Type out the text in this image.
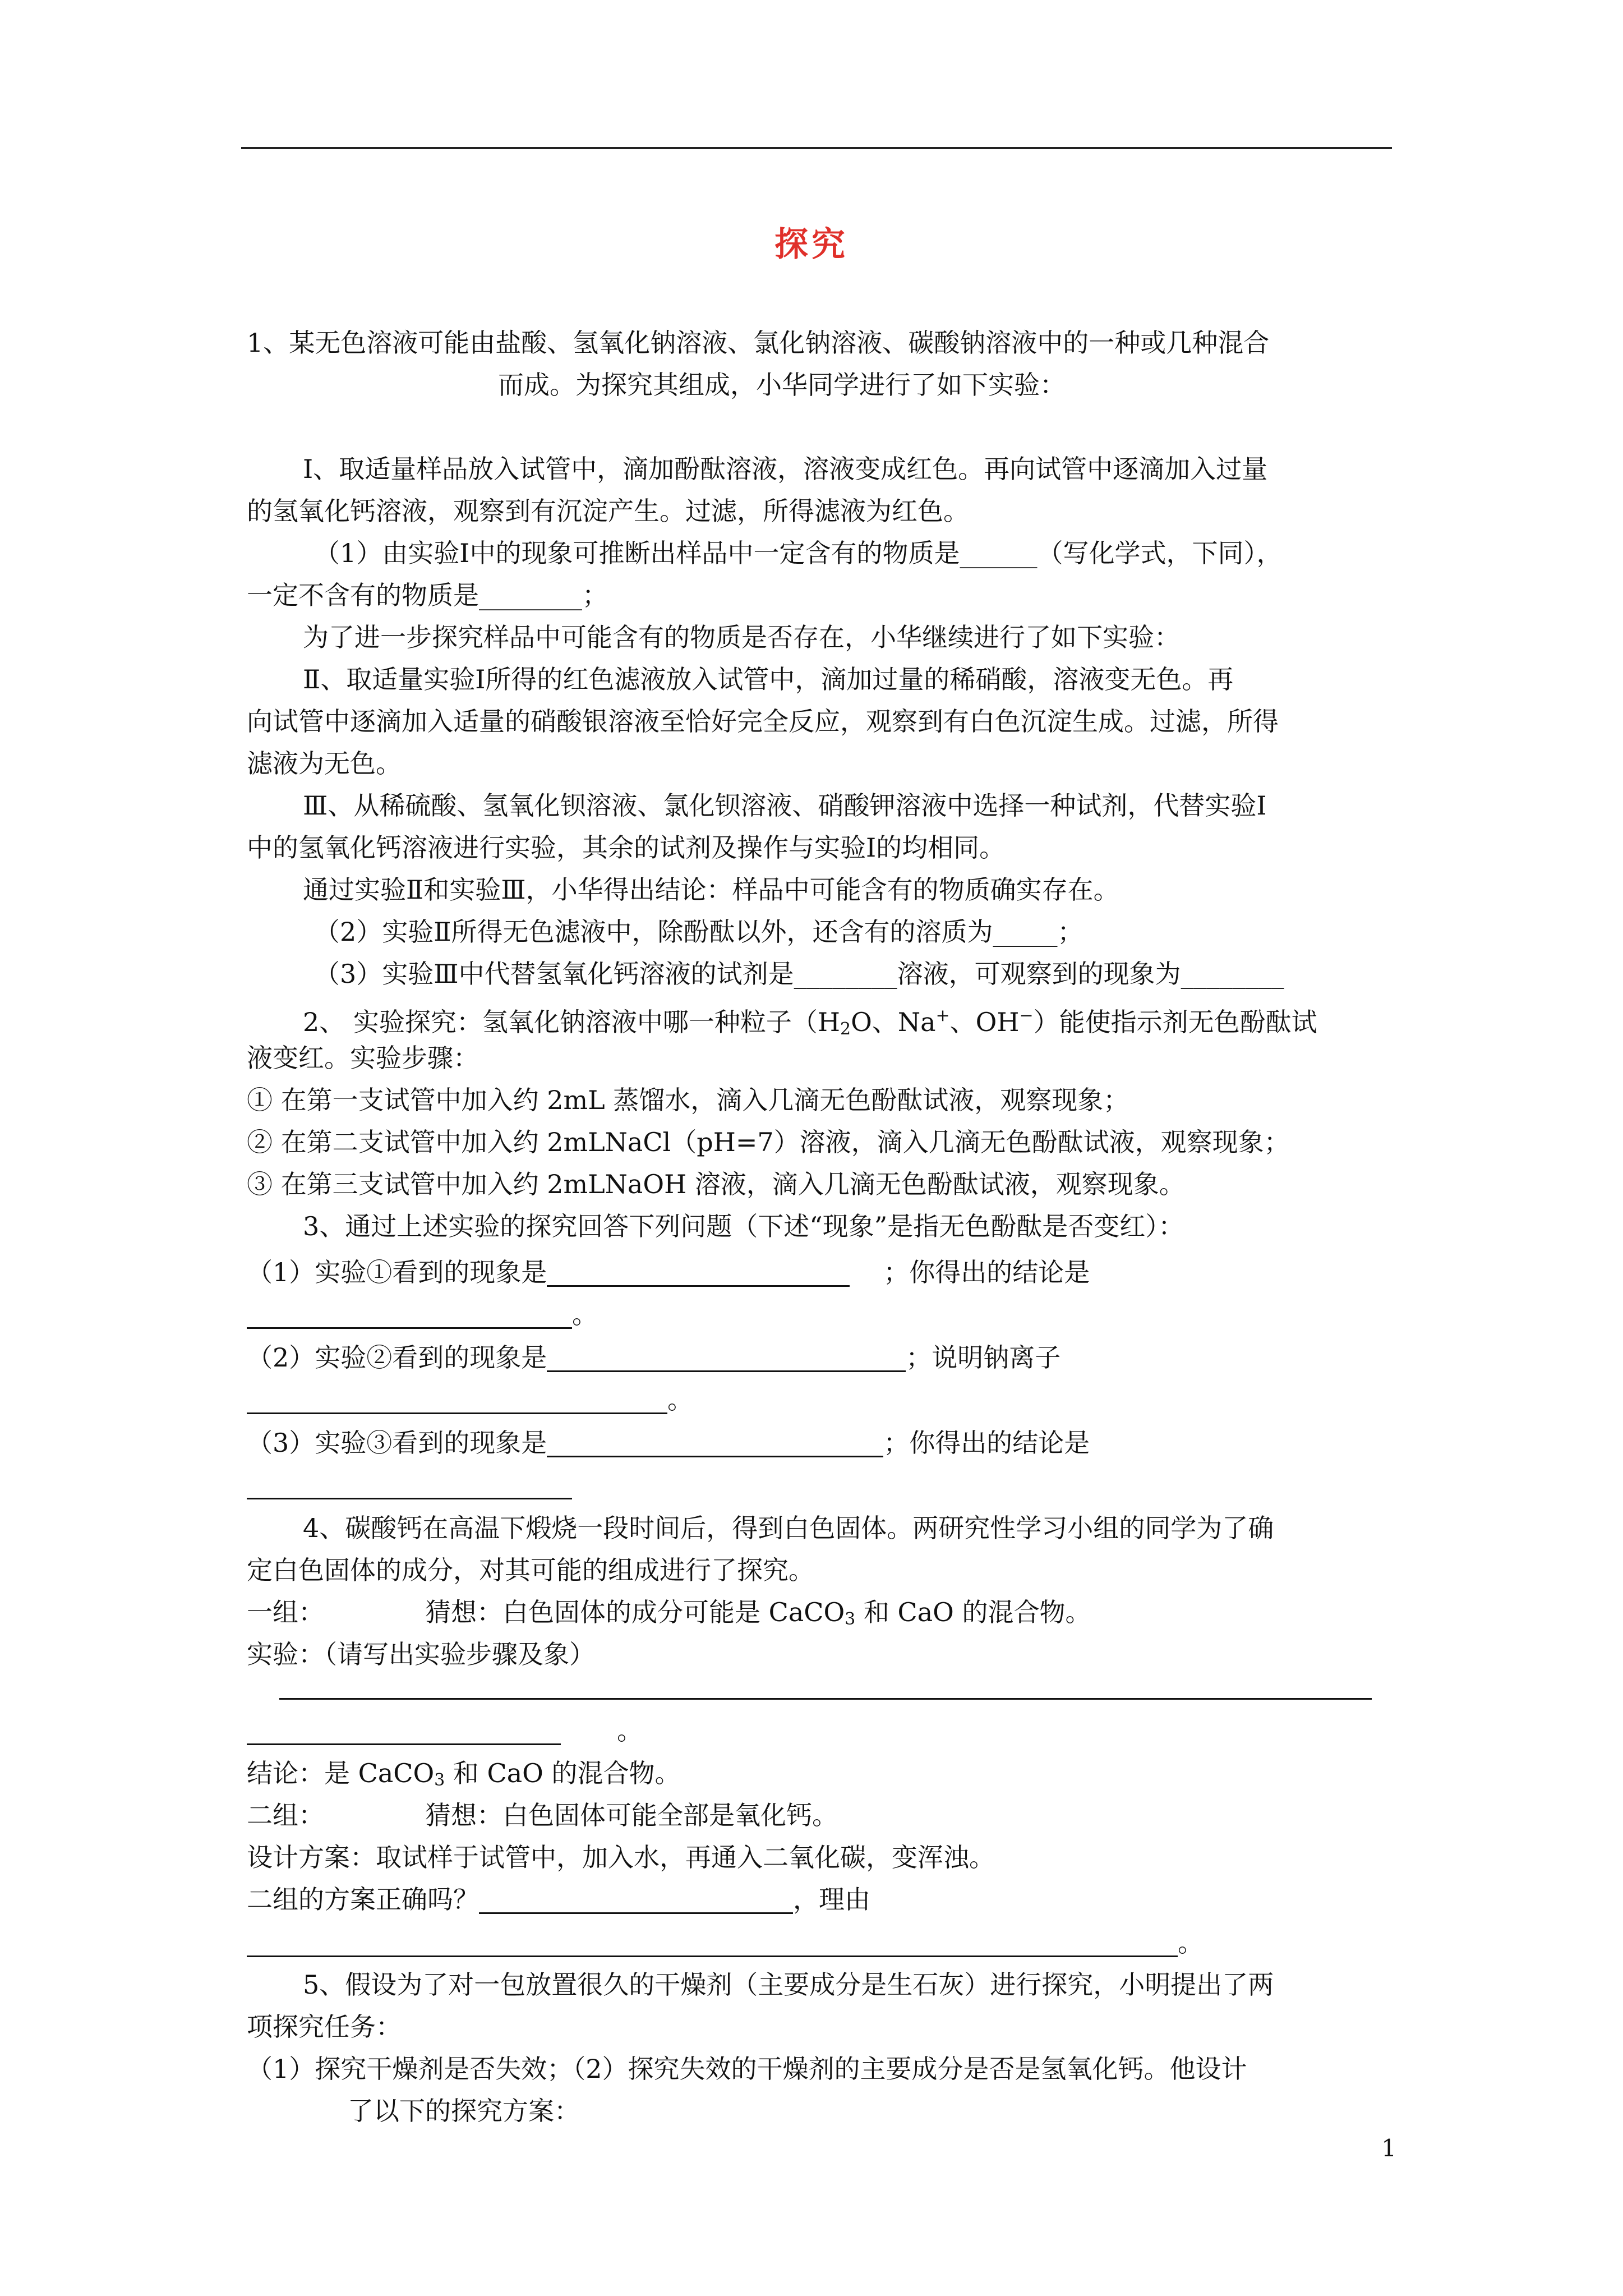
探究
1、某无色溶液可能由盐酸、氢氧化钠溶液、氯化钠溶液、碳酸钠溶液中的一种或几种混合
而成。为探究其组成，小华同学进行了如下实验：
Ⅰ、取适量样品放入试管中，滴加酚酞溶液，溶液变成红色。再向试管中逐滴加入过量
的氢氧化钙溶液，观察到有沉淀产生。过滤，所得滤液为红色。
（1）由实验Ⅰ中的现象可推断出样品中一定含有的物质是______（写化学式，下同），
一定不含有的物质是________；
为了进一步探究样品中可能含有的物质是否存在，小华继续进行了如下实验：
Ⅱ、取适量实验Ⅰ所得的红色滤液放入试管中，滴加过量的稀硝酸，溶液变无色。再
向试管中逐滴加入适量的硝酸银溶液至恰好完全反应，观察到有白色沉淀生成。过滤，所得
滤液为无色。
Ⅲ、从稀硫酸、氢氧化钡溶液、氯化钡溶液、硝酸钾溶液中选择一种试剂，代替实验Ⅰ
中的氢氧化钙溶液进行实验，其余的试剂及操作与实验Ⅰ的均相同。
通过实验Ⅱ和实验Ⅲ，小华得出结论：样品中可能含有的物质确实存在。
（2）实验Ⅱ所得无色滤液中，除酚酞以外，还含有的溶质为_____；
（3）实验Ⅲ中代替氢氧化钙溶液的试剂是________溶液，可观察到的现象为________
2、 实验探究：氢氧化钠溶液中哪一种粒子（$H_2O$、Na+、OH−）能使指示剂无色酚酞试
液变红。实验步骤：
① 在第一支试管中加入约 2mL 蒸馏水，滴入几滴无色酚酞试液，观察现象；
② 在第二支试管中加入约 2mLNaCl（pH=7）溶液，滴入几滴无色酚酞试液，观察现象；
③ 在第三支试管中加入约 2mLNaOH 溶液，滴入几滴无色酚酞试液，观察现象。
3、通过上述实验的探究回答下列问题（下述“现象”是指无色酚酞是否变红）：
（1）实验①看到的现象是	；你得出的结论是
。
（2）实验②看到的现象是	；说明钠离子
。
（3）实验③看到的现象是	；你得出的结论是
4、碳酸钙在高温下煅烧一段时间后，得到白色固体。两研究性学习小组的同学为了确
定白色固体的成分，对其可能的组成进行了探究。
一组：	猜想：白色固体的成分可能是 CaCO$_3$ 和 CaO 的混合物。
实验：（请写出实验步骤及象）
。
结论：是 CaCO$_3$ 和 CaO 的混合物。
二组：	猜想：白色固体可能全部是氧化钙。
设计方案：取试样于试管中，加入水，再通入二氧化碳，变浑浊。
二组的方案正确吗？	，理由
。
5、假设为了对一包放置很久的干燥剂（主要成分是生石灰）进行探究，小明提出了两
项探究任务：
（1）探究干燥剂是否失效；（2）探究失效的干燥剂的主要成分是否是氢氧化钙。他设计
了以下的探究方案：
1
